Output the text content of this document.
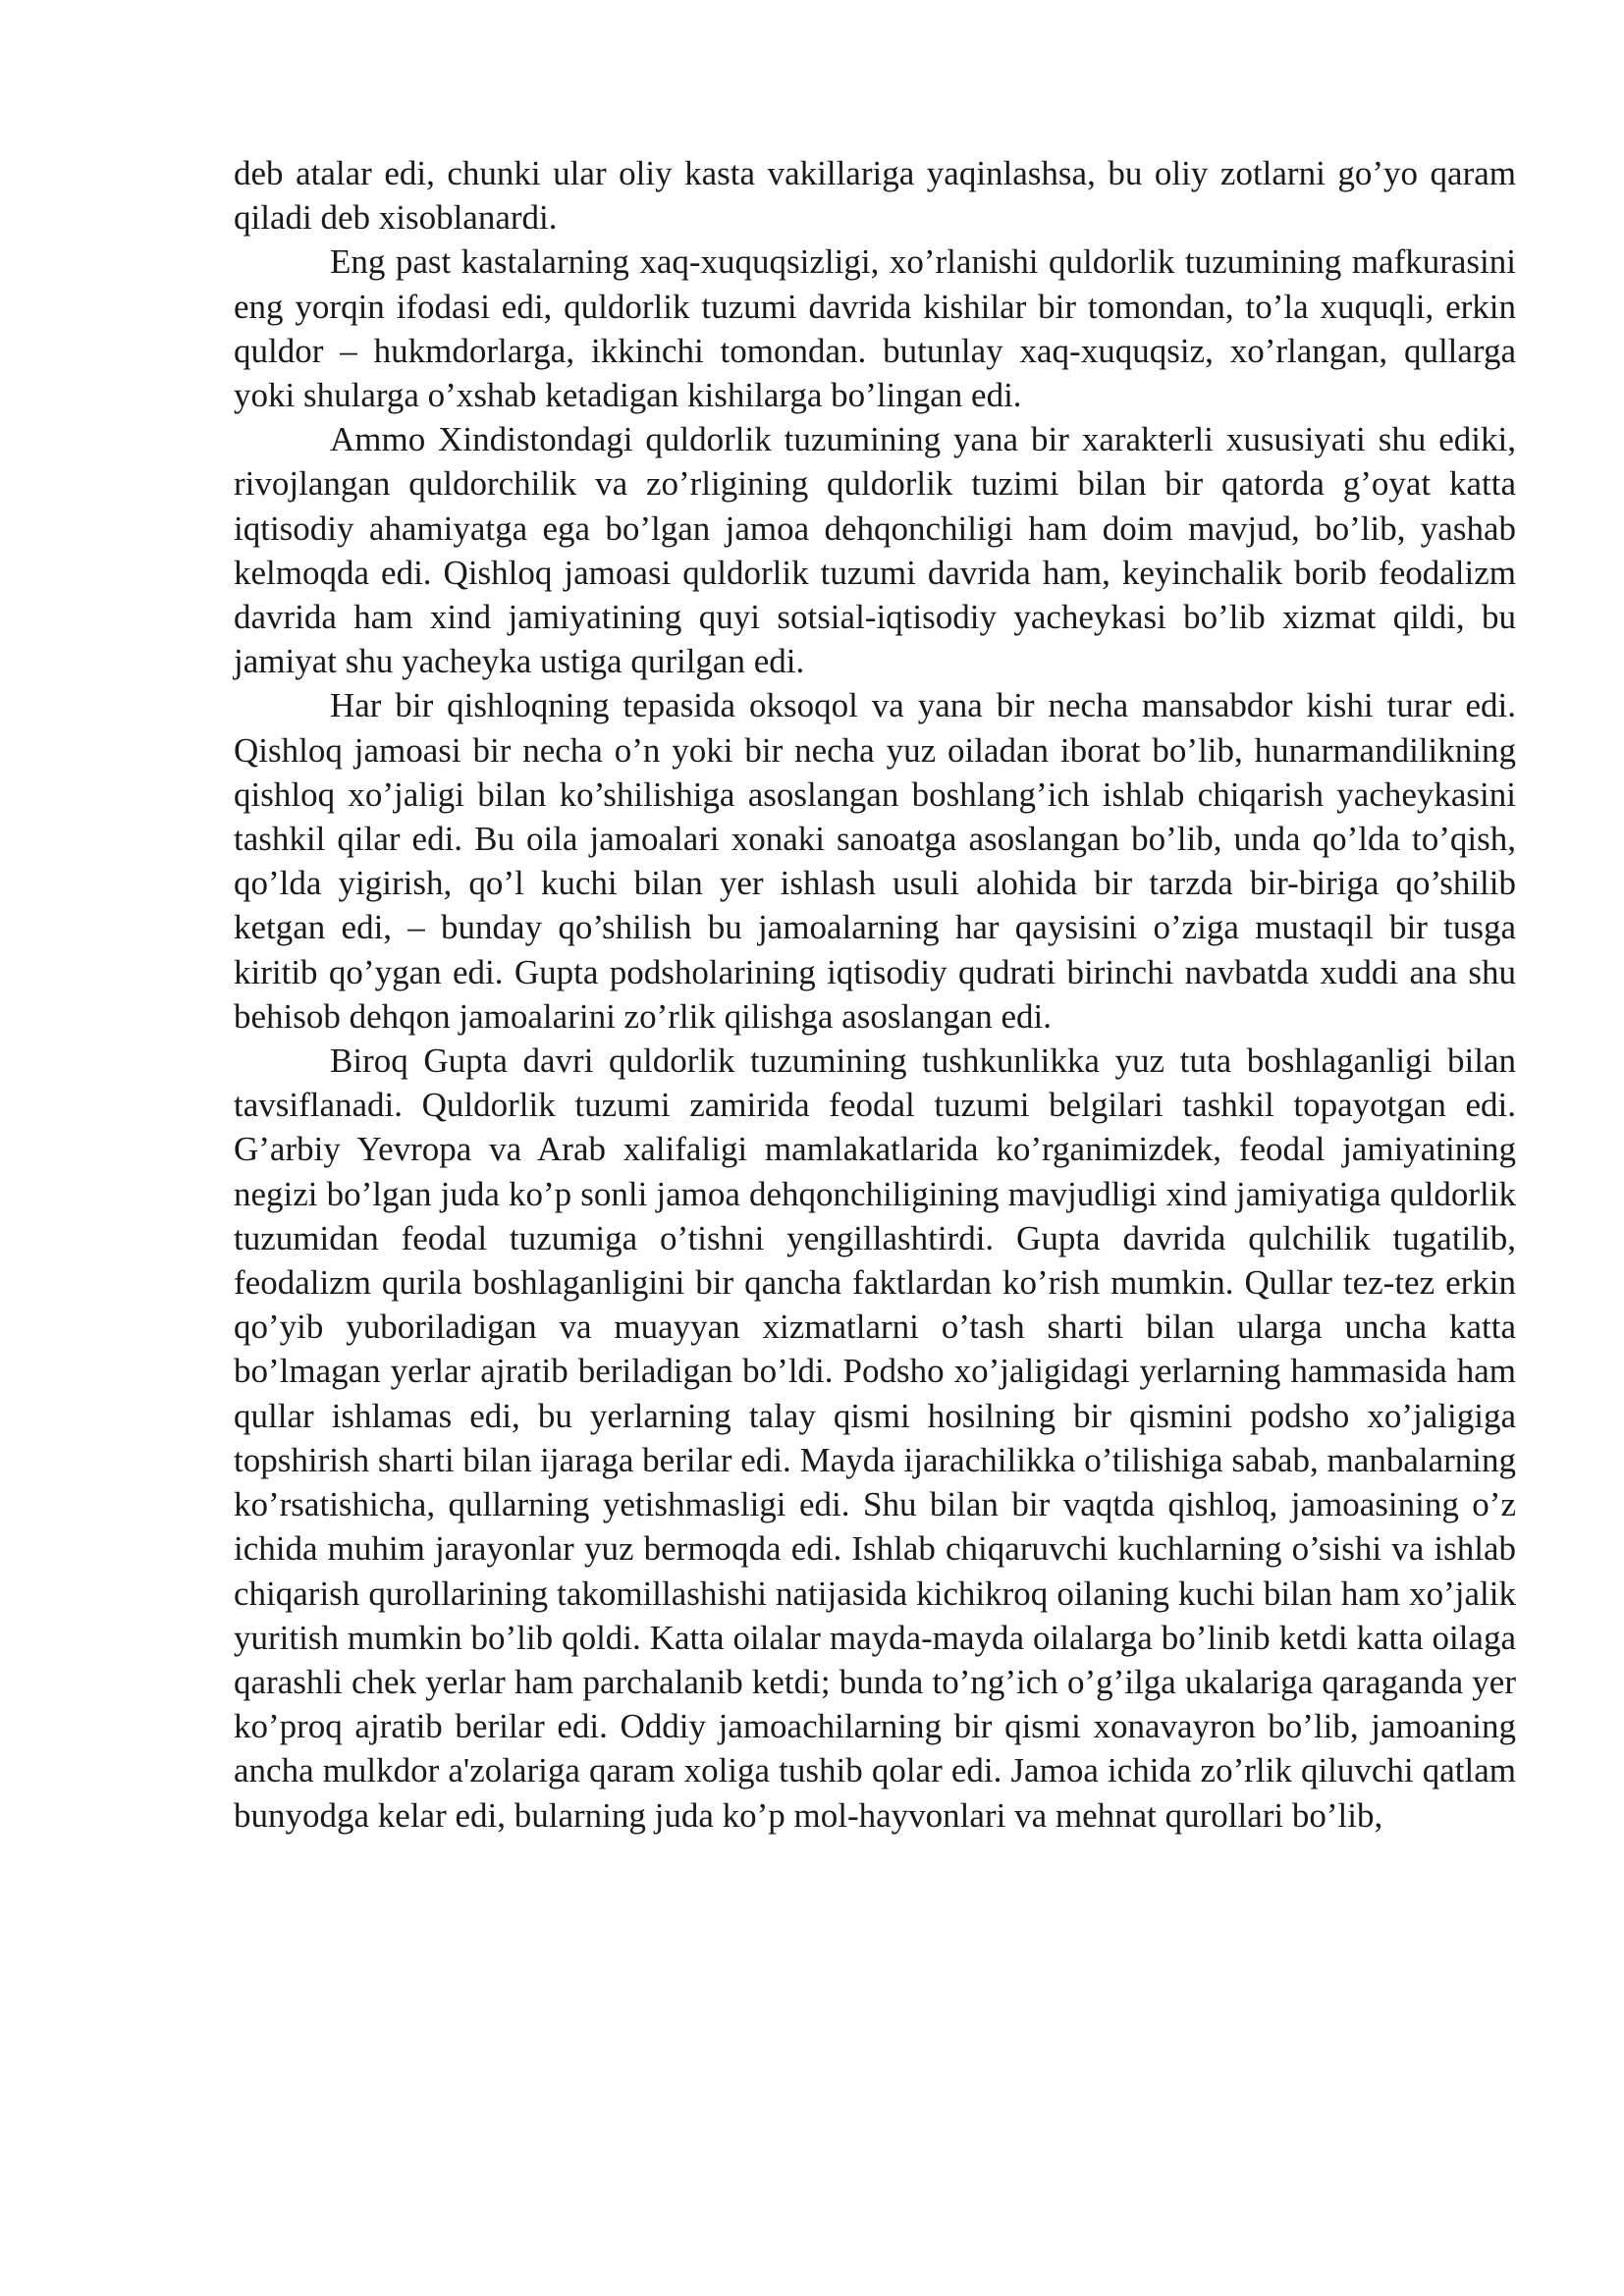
deb atalar edi, chunki ular oliy kasta vakillariga yaqinlashsa, bu oliy zotlarni go’yo qaram qiladi deb xisoblanardi.

Eng past kastalarning xaq-xuquqsizligi, xo’rlanishi quldorlik tuzumining mafkurasini eng yorqin ifodasi edi, quldorlik tuzumi davrida kishilar bir tomondan, to’la xuquqli, erkin quldor – hukmdorlarga, ikkinchi tomondan. butunlay xaq-xuquqsiz, xo’rlangan, qullarga yoki shularga o’xshab ketadigan kishilarga bo’lingan edi.

Ammo Xindistondagi quldorlik tuzumining yana bir xarakterli xususiyati shu ediki, rivojlangan quldorchilik va zo’rligining quldorlik tuzimi bilan bir qatorda g’oyat katta iqtisodiy ahamiyatga ega bo’lgan jamoa dehqonchiligi ham doim mavjud, bo’lib, yashab kelmoqda edi. Qishloq jamoasi quldorlik tuzumi davrida ham, keyinchalik borib feodalizm davrida ham xind jamiyatining quyi sotsial-iqtisodiy yacheykasi bo’lib xizmat qildi, bu jamiyat shu yacheyka ustiga qurilgan edi.

Har bir qishloqning tepasida oksoqol va yana bir necha mansabdor kishi turar edi. Qishloq jamoasi bir necha o’n yoki bir necha yuz oiladan iborat bo’lib, hunarmandilikning qishloq xo’jaligi bilan ko’shilishiga asoslangan boshlang’ich ishlab chiqarish yacheykasini tashkil qilar edi. Bu oila jamoalari xonaki sanoatga asoslangan bo’lib, unda qo’lda to’qish, qo’lda yigirish, qo’l kuchi bilan yer ishlash usuli alohida bir tarzda bir-biriga qo’shilib ketgan edi, – bunday qo’shilish bu jamoalarning har qaysisini o’ziga mustaqil bir tusga kiritib qo’ygan edi. Gupta podsholarining iqtisodiy qudrati birinchi navbatda xuddi ana shu behisob dehqon jamoalarini zo’rlik qilishga asoslangan edi.

Biroq Gupta davri quldorlik tuzumining tushkunlikka yuz tuta boshlaganligi bilan tavsiflanadi. Quldorlik tuzumi zamirida feodal tuzumi belgilari tashkil topayotgan edi. G’arbiy Yevropa va Arab xalifaligi mamlakatlarida ko’rganimizdek, feodal jamiyatining negizi bo’lgan juda ko’p sonli jamoa dehqonchiligining mavjudligi xind jamiyatiga quldorlik tuzumidan feodal tuzumiga o’tishni yengillashtirdi. Gupta davrida qulchilik tugatilib, feodalizm qurila boshlaganligini bir qancha faktlardan ko’rish mumkin. Qullar tez-tez erkin qo’yib yuboriladigan va muayyan xizmatlarni o’tash sharti bilan ularga uncha katta bo’lmagan yerlar ajratib beriladigan bo’ldi. Podsho xo’jaligidagi yerlarning hammasida ham qullar ishlamas edi, bu yerlarning talay qismi hosilning bir qismini podsho xo’jaligiga topshirish sharti bilan ijaraga berilar edi. Mayda ijarachilikka o’tilishiga sabab, manbalarning ko’rsatishicha, qullarning yetishmasligi edi. Shu bilan bir vaqtda qishloq, jamoasining o’z ichida muhim jarayonlar yuz bermoqda edi. Ishlab chiqaruvchi kuchlarning o’sishi va ishlab chiqarish qurollarining takomillashishi natijasida kichikroq oilaning kuchi bilan ham xo’jalik yuritish mumkin bo’lib qoldi. Katta oilalar mayda-mayda oilalarga bo’linib ketdi katta oilaga qarashli chek yerlar ham parchalanib ketdi; bunda to’ng’ich o’g’ilga ukalariga qaraganda yer ko’proq ajratib berilar edi. Oddiy jamoachilarning bir qismi xonavayron bo’lib, jamoaning ancha mulkdor a'zolariga qaram xoliga tushib qolar edi. Jamoa ichida zo’rlik qiluvchi qatlam bunyodga kelar edi, bularning juda ko’p mol-hayvonlari va mehnat qurollari bo’lib,
